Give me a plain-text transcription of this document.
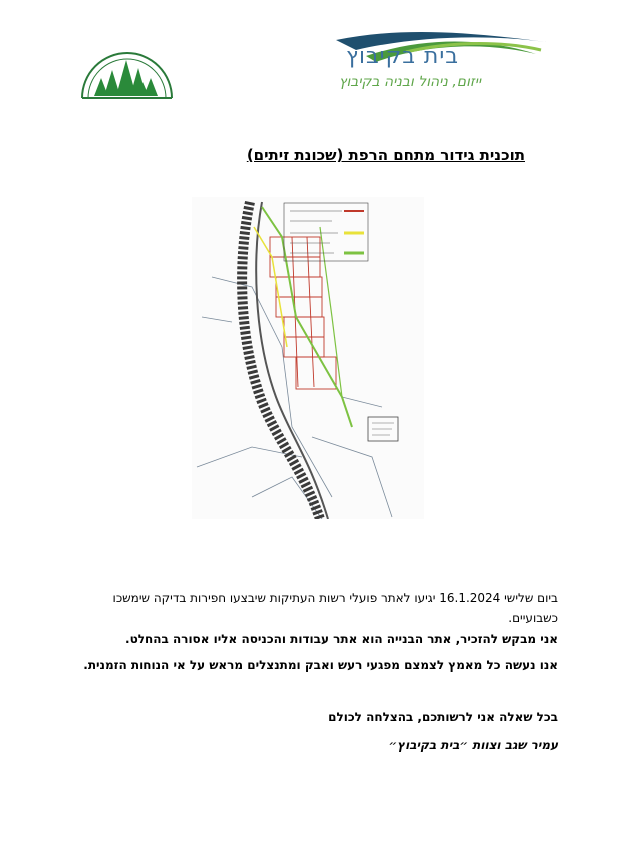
בית בקיבוץ
ייזום, ניהול ובניה בקיבוץ
תוכנית גידור מתחם הרפת (שכונת זיתים)
ביום שלישי 16.1.2024 יגיעו לאתר פועלי רשות העתיקות שיבצעו חפירות בדיקה שימשכו כשבועיים.
אני מבקש להזכיר, אתר הבנייה הוא אתר עבודות והכניסה אליו אסורה בהחלט.
אנו נעשה כל מאמץ לצמצם מפגעי רעש ואבק ומתנצלים מראש על אי הנוחות הזמנית.
בכל שאלה אני לרשותכם, בהצלחה לכולם
עמיר שגב וצוות ״בית בקיבוץ״
